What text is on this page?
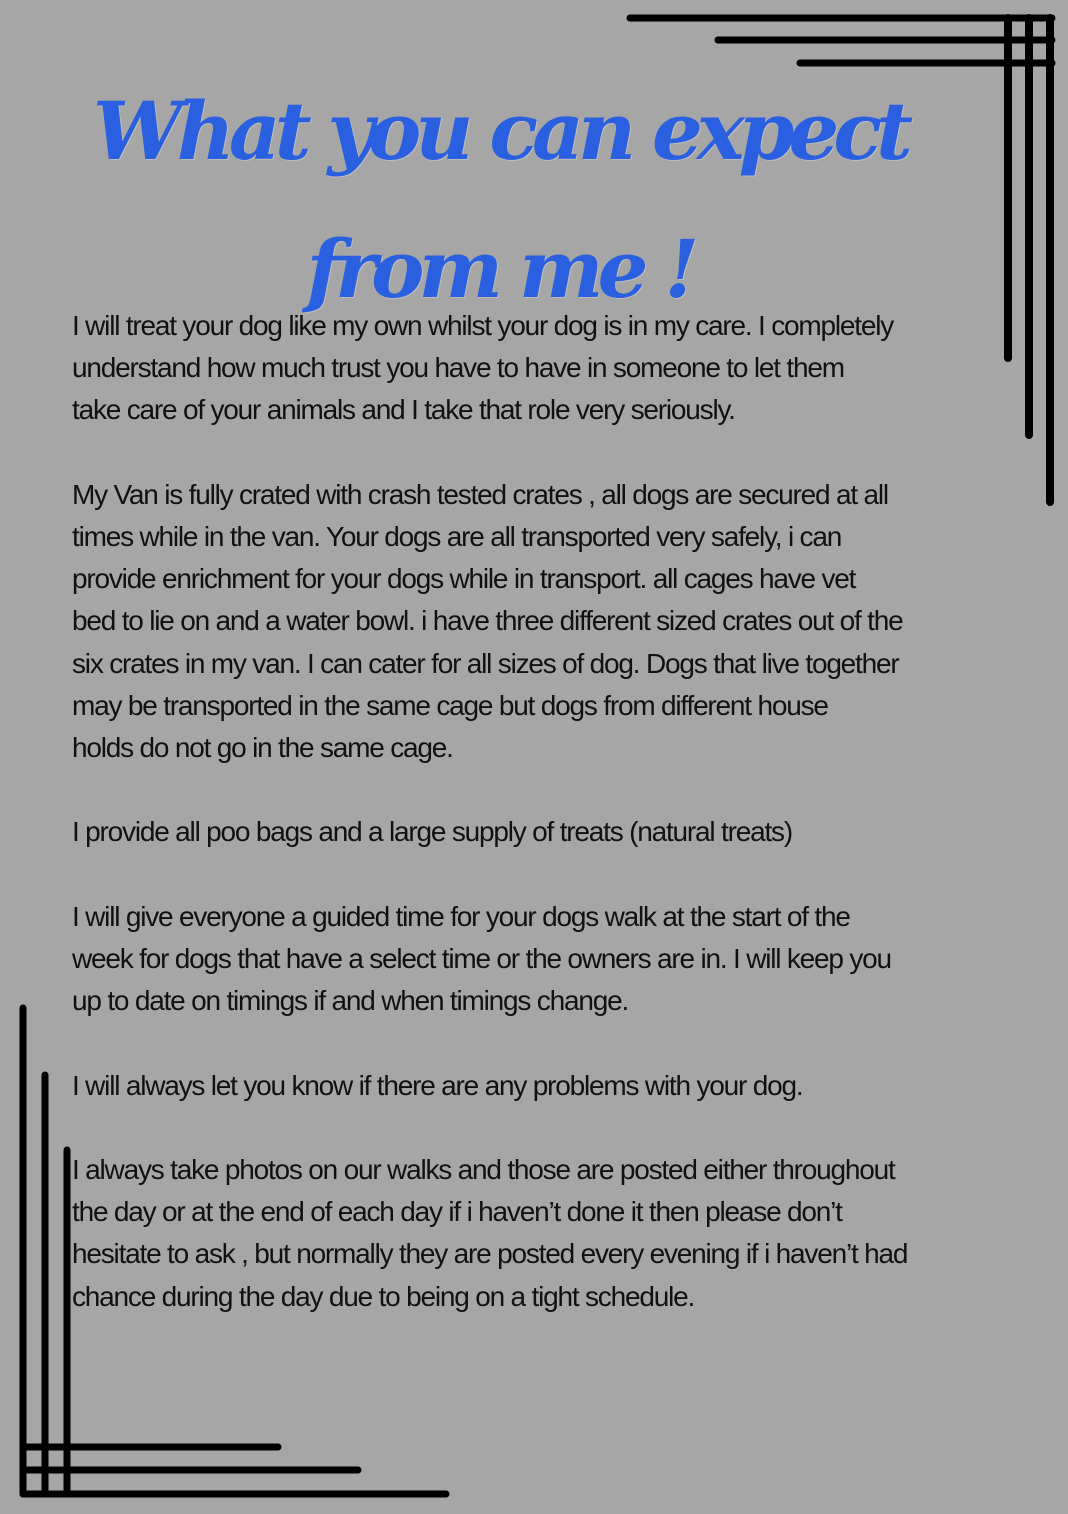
What you can expect
from me !

I will treat your dog like my own whilst your dog is in my care. I completely
understand how much trust you have to have in someone to let them
take care of your animals and I take that role very seriously.

My Van is fully crated with crash tested crates , all dogs are secured at all
times while in the van. Your dogs are all transported very safely, i can
provide enrichment for your dogs while in transport. all cages have vet
bed to lie on and a water bowl. i have three different sized crates out of the
six crates in my van. I can cater for all sizes of dog. Dogs that live together
may be transported in the same cage but dogs from different house
holds do not go in the same cage.

I provide all poo bags and a large supply of treats (natural treats)

I will give everyone a guided time for your dogs walk at the start of the
week for dogs that have a select time or the owners are in. I will keep you
up to date on timings if and when timings change.

I will always let you know if there are any problems with your dog.

I always take photos on our walks and those are posted either throughout
the day or at the end of each day if i haven’t done it then please don’t
hesitate to ask , but normally they are posted every evening if i haven’t had
chance during the day due to being on a tight schedule.
